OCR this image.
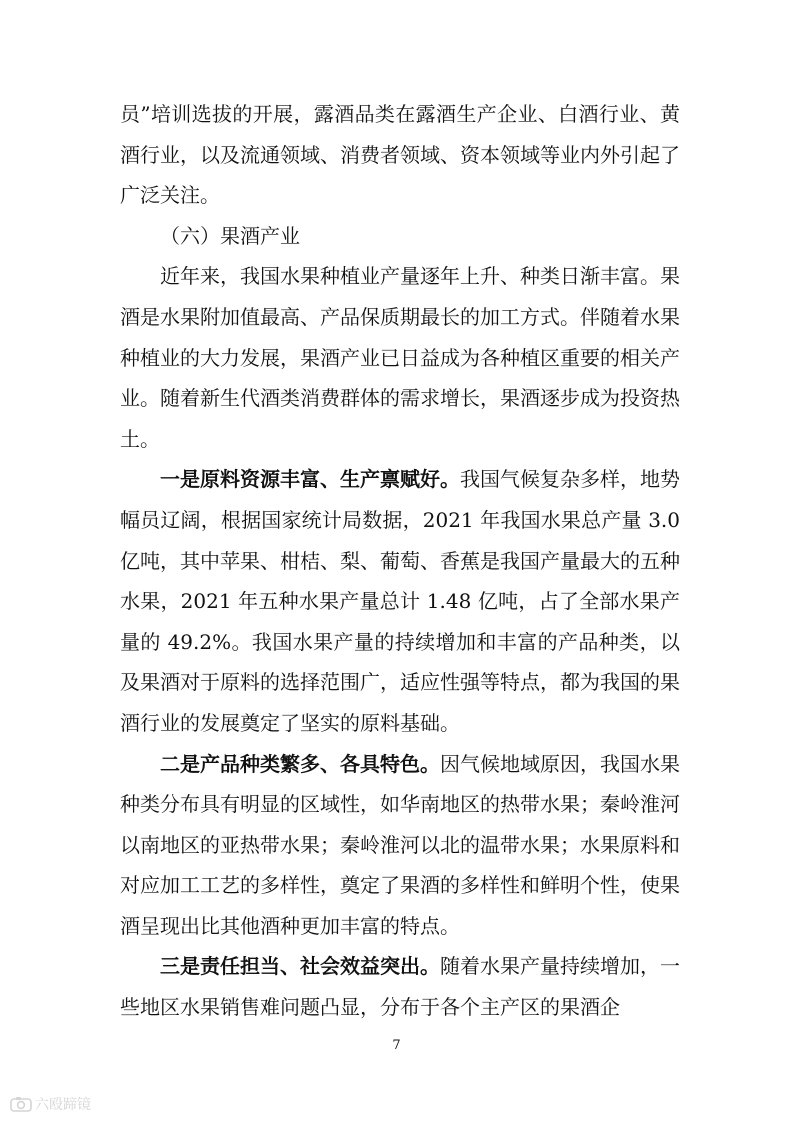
员”培训选拔的开展，露酒品类在露酒生产企业、白酒行业、黄酒行业，以及流通领域、消费者领域、资本领域等业内外引起了广泛关注。

（六）果酒产业

近年来，我国水果种植业产量逐年上升、种类日渐丰富。果酒是水果附加值最高、产品保质期最长的加工方式。伴随着水果种植业的大力发展，果酒产业已日益成为各种植区重要的相关产业。随着新生代酒类消费群体的需求增长，果酒逐步成为投资热土。

一是原料资源丰富、生产禀赋好。我国气候复杂多样，地势幅员辽阔，根据国家统计局数据，2021 年我国水果总产量 3.0 亿吨，其中苹果、柑桔、梨、葡萄、香蕉是我国产量最大的五种水果，2021 年五种水果产量总计 1.48 亿吨，占了全部水果产量的 49.2%。我国水果产量的持续增加和丰富的产品种类，以及果酒对于原料的选择范围广，适应性强等特点，都为我国的果酒行业的发展奠定了坚实的原料基础。

二是产品种类繁多、各具特色。因气候地域原因，我国水果种类分布具有明显的区域性，如华南地区的热带水果；秦岭淮河以南地区的亚热带水果；秦岭淮河以北的温带水果；水果原料和对应加工工艺的多样性，奠定了果酒的多样性和鲜明个性，使果酒呈现出比其他酒种更加丰富的特点。

三是责任担当、社会效益突出。随着水果产量持续增加，一些地区水果销售难问题凸显，分布于各个主产区的果酒企

7
六殴蹄镜
